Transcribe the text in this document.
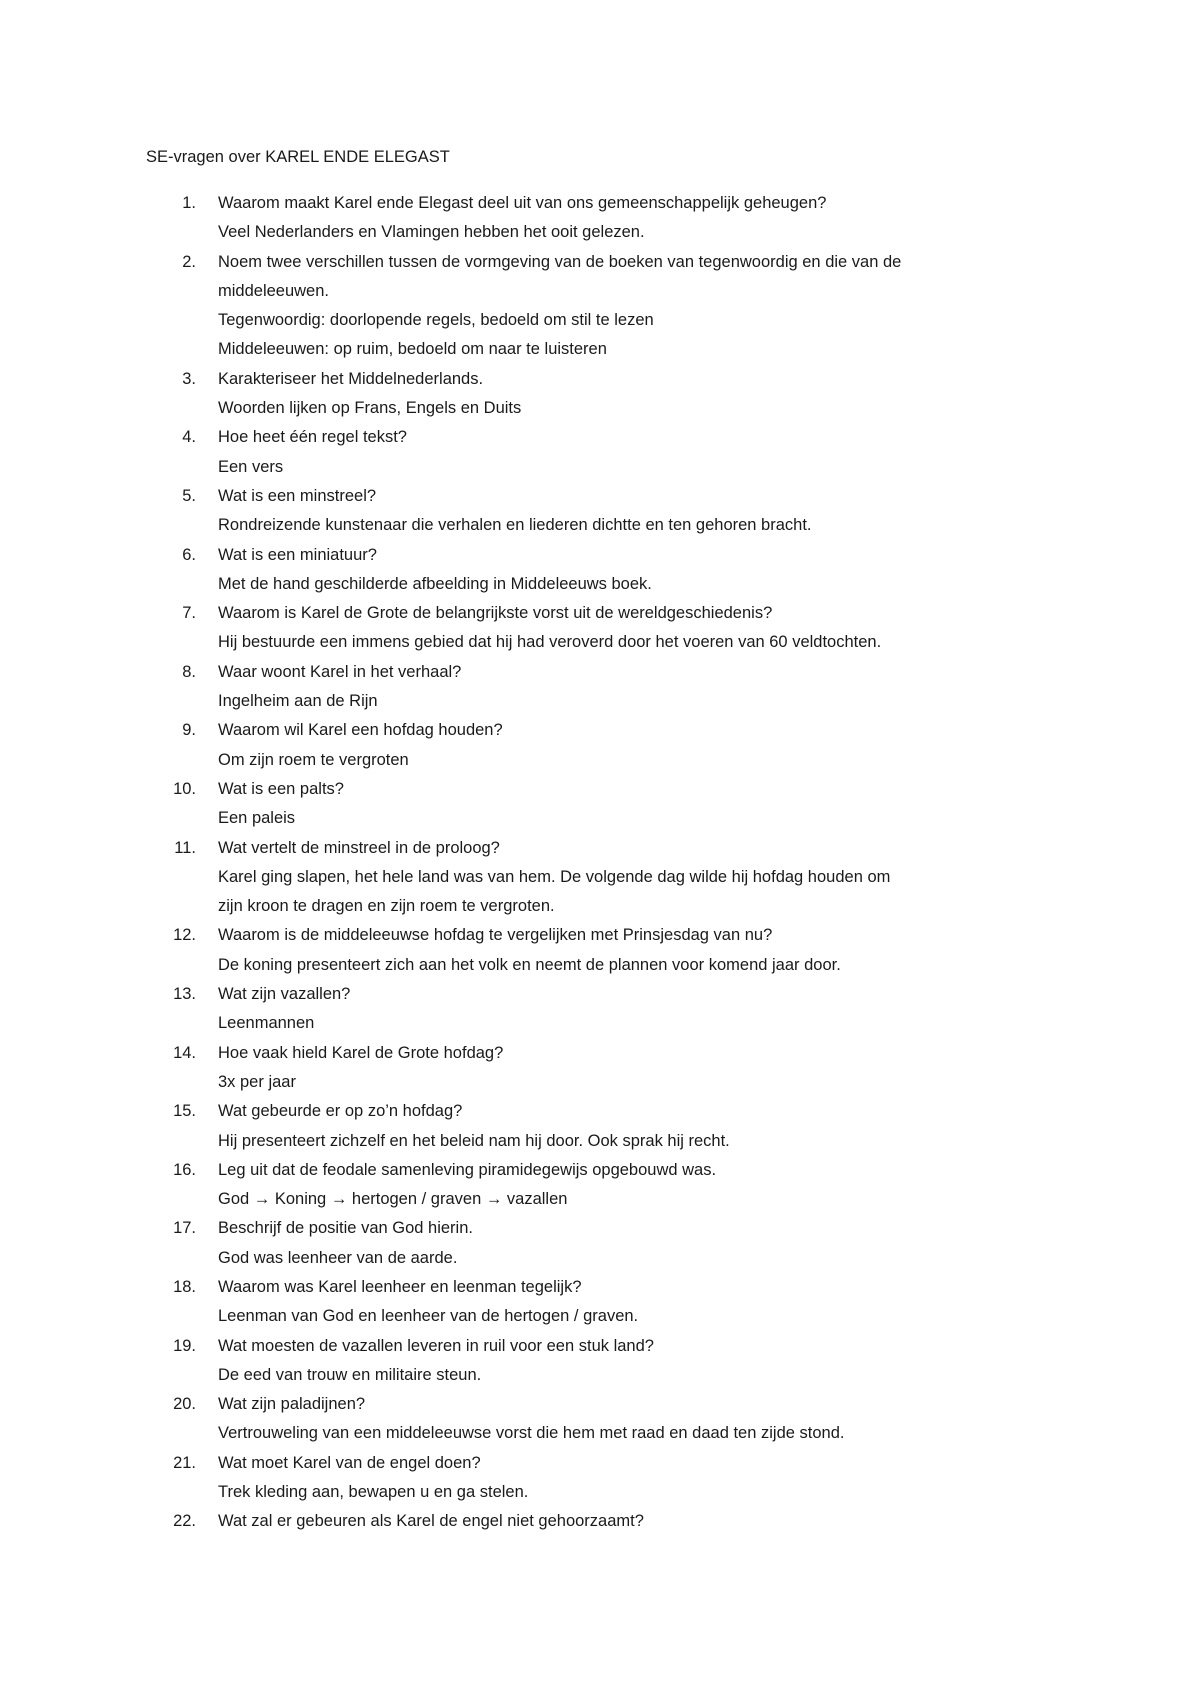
SE-vragen over KAREL ENDE ELEGAST
1. Waarom maakt Karel ende Elegast deel uit van ons gemeenschappelijk geheugen?
Veel Nederlanders en Vlamingen hebben het ooit gelezen.
2. Noem twee verschillen tussen de vormgeving van de boeken van tegenwoordig en die van de
middeleeuwen.
Tegenwoordig: doorlopende regels, bedoeld om stil te lezen
Middeleeuwen: op ruim, bedoeld om naar te luisteren
3. Karakteriseer het Middelnederlands.
Woorden lijken op Frans, Engels en Duits
4. Hoe heet één regel tekst?
Een vers
5. Wat is een minstreel?
Rondreizende kunstenaar die verhalen en liederen dichtte en ten gehoren bracht.
6. Wat is een miniatuur?
Met de hand geschilderde afbeelding in Middeleeuws boek.
7. Waarom is Karel de Grote de belangrijkste vorst uit de wereldgeschiedenis?
Hij bestuurde een immens gebied dat hij had veroverd door het voeren van 60 veldtochten.
8. Waar woont Karel in het verhaal?
Ingelheim aan de Rijn
9. Waarom wil Karel een hofdag houden?
Om zijn roem te vergroten
10. Wat is een palts?
Een paleis
11. Wat vertelt de minstreel in de proloog?
Karel ging slapen, het hele land was van hem. De volgende dag wilde hij hofdag houden om
zijn kroon te dragen en zijn roem te vergroten.
12. Waarom is de middeleeuwse hofdag te vergelijken met Prinsjesdag van nu?
De koning presenteert zich aan het volk en neemt de plannen voor komend jaar door.
13. Wat zijn vazallen?
Leenmannen
14. Hoe vaak hield Karel de Grote hofdag?
3x per jaar
15. Wat gebeurde er op zo’n hofdag?
Hij presenteert zichzelf en het beleid nam hij door. Ook sprak hij recht.
16. Leg uit dat de feodale samenleving piramidegewijs opgebouwd was.
God → Koning → hertogen / graven → vazallen
17. Beschrijf de positie van God hierin.
God was leenheer van de aarde.
18. Waarom was Karel leenheer en leenman tegelijk?
Leenman van God en leenheer van de hertogen / graven.
19. Wat moesten de vazallen leveren in ruil voor een stuk land?
De eed van trouw en militaire steun.
20. Wat zijn paladijnen?
Vertrouweling van een middeleeuwse vorst die hem met raad en daad ten zijde stond.
21. Wat moet Karel van de engel doen?
Trek kleding aan, bewapen u en ga stelen.
22. Wat zal er gebeuren als Karel de engel niet gehoorzaamt?
